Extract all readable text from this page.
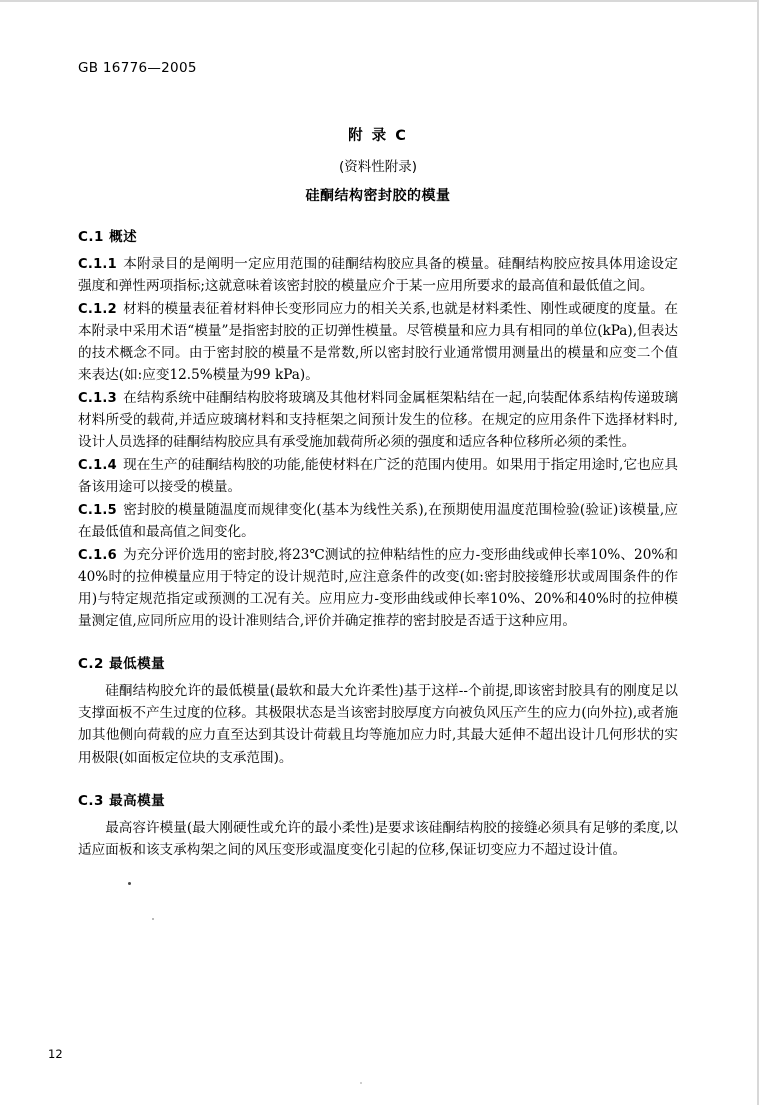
GB 16776—2005
附 录 C
(资料性附录)
硅酮结构密封胶的模量
C.1 概述

C.1.1 本附录目的是阐明一定应用范围的硅酮结构胶应具备的模量。硅酮结构胶应按具体用途设定强度和弹性两项指标;这就意味着该密封胶的模量应介于某一应用所要求的最高值和最低值之间。

C.1.2 材料的模量表征着材料伸长变形同应力的相关关系,也就是材料柔性、刚性或硬度的度量。在本附录中采用术语“模量”是指密封胶的正切弹性模量。尽管模量和应力具有相同的单位(kPa),但表达的技术概念不同。由于密封胶的模量不是常数,所以密封胶行业通常惯用测量出的模量和应变二个值来表达(如:应变12.5%模量为99 kPa)。

C.1.3 在结构系统中硅酮结构胶将玻璃及其他材料同金属框架粘结在一起,向装配体系结构传递玻璃材料所受的载荷,并适应玻璃材料和支持框架之间预计发生的位移。在规定的应用条件下选择材料时,设计人员选择的硅酮结构胶应具有承受施加载荷所必须的强度和适应各种位移所必须的柔性。

C.1.4 现在生产的硅酮结构胶的功能,能使材料在广泛的范围内使用。如果用于指定用途时,它也应具备该用途可以接受的模量。

C.1.5 密封胶的模量随温度而规律变化(基本为线性关系),在预期使用温度范围检验(验证)该模量,应在最低值和最高值之间变化。

C.1.6 为充分评价选用的密封胶,将23℃测试的拉伸粘结性的应力-变形曲线或伸长率10%、20%和40%时的拉伸模量应用于特定的设计规范时,应注意条件的改变(如:密封胶接缝形状或周围条件的作用)与特定规范指定或预测的工况有关。应用应力-变形曲线或伸长率10%、20%和40%时的拉伸模量测定值,应同所应用的设计准则结合,评价并确定推荐的密封胶是否适于这种应用。

C.2 最低模量

硅酮结构胶允许的最低模量(最软和最大允许柔性)基于这样--个前提,即该密封胶具有的刚度足以支撑面板不产生过度的位移。其极限状态是当该密封胶厚度方向被负风压产生的应力(向外拉),或者施加其他侧向荷载的应力直至达到其设计荷载且均等施加应力时,其最大延伸不超出设计几何形状的实用极限(如面板定位块的支承范围)。

C.3 最高模量

最高容许模量(最大刚硬性或允许的最小柔性)是要求该硅酮结构胶的接缝必须具有足够的柔度,以适应面板和该支承构架之间的风压变形或温度变化引起的位移,保证切变应力不超过设计值。

12
